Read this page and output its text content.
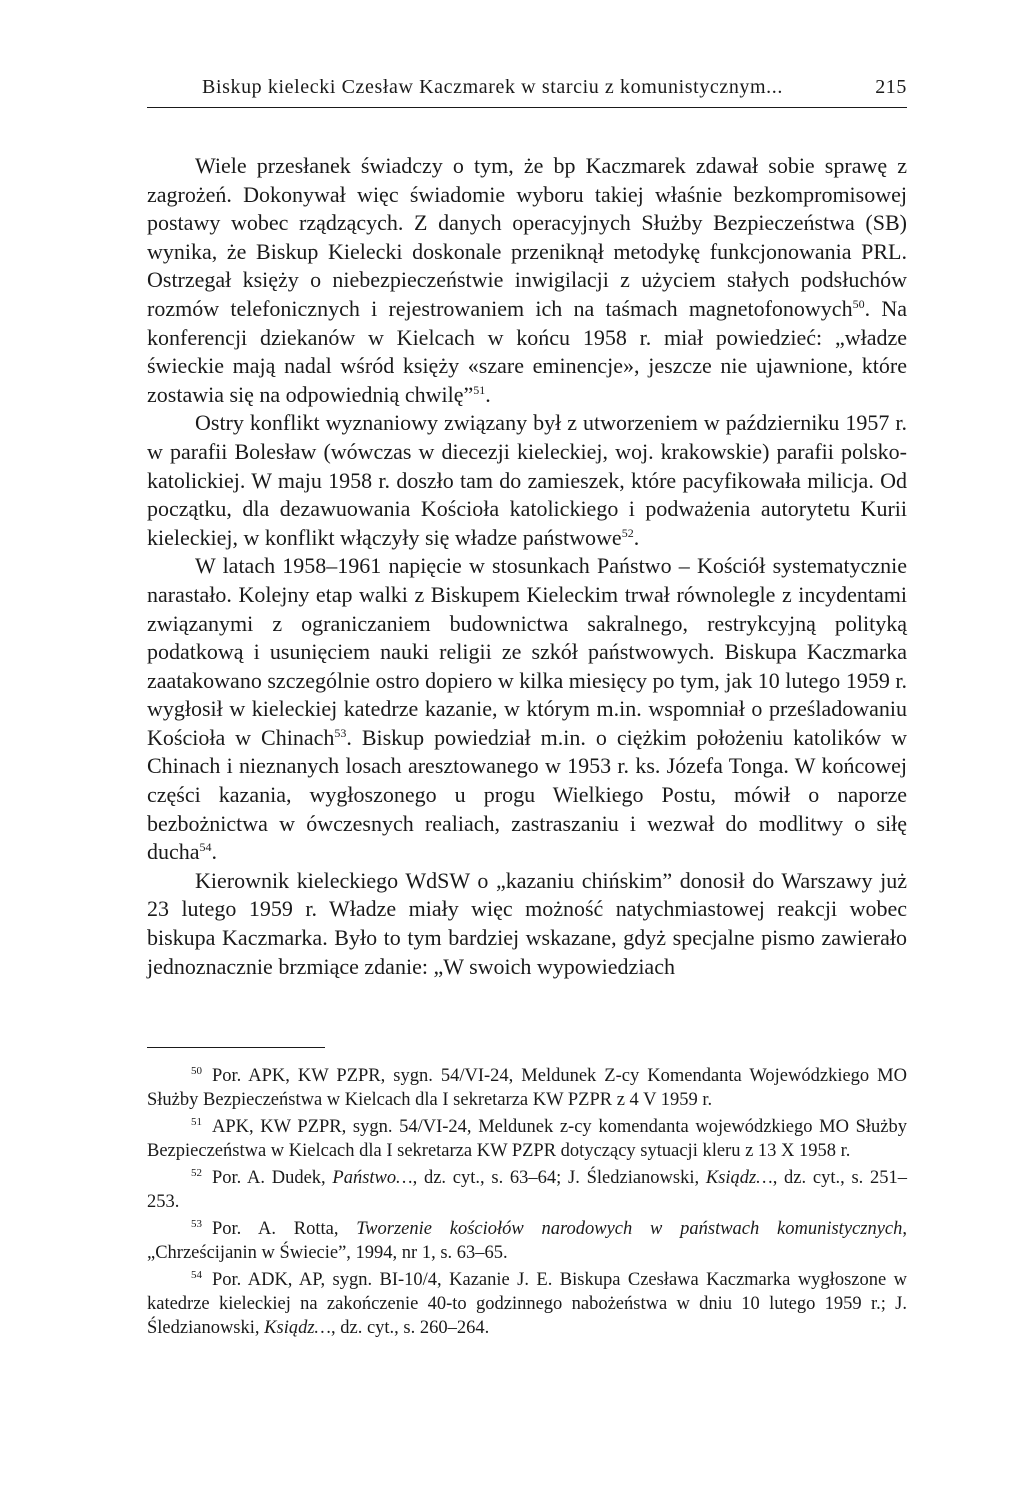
Biskup kielecki Czesław Kaczmarek w starciu z komunistycznym...	215

Wiele przesłanek świadczy o tym, że bp Kaczmarek zdawał sobie sprawę z zagrożeń. Dokonywał więc świadomie wyboru takiej właśnie bezkompromisowej postawy wobec rządzących. Z danych operacyjnych Służby Bezpieczeństwa (SB) wynika, że Biskup Kielecki doskonale przeniknął metodykę funkcjonowania PRL. Ostrzegał księży o niebezpieczeństwie inwigilacji z użyciem stałych podsłuchów rozmów telefonicznych i rejestrowaniem ich na taśmach magnetofonowych$^{50}$. Na konferencji dziekanów w Kielcach w końcu 1958 r. miał powiedzieć: „władze świeckie mają nadal wśród księży «szare eminencje», jeszcze nie ujawnione, które zostawia się na odpowiednią chwilę”$^{51}$.

Ostry konflikt wyznaniowy związany był z utworzeniem w październiku 1957 r. w parafii Bolesław (wówczas w diecezji kieleckiej, woj. krakowskie) parafii polsko-katolickiej. W maju 1958 r. doszło tam do zamieszek, które pacyfikowała milicja. Od początku, dla dezawuowania Kościoła katolickiego i podważenia autorytetu Kurii kieleckiej, w konflikt włączyły się władze państwowe$^{52}$.

W latach 1958–1961 napięcie w stosunkach Państwo – Kościół systematycznie narastało. Kolejny etap walki z Biskupem Kieleckim trwał równolegle z incydentami związanymi z ograniczaniem budownictwa sakralnego, restrykcyjną polityką podatkową i usunięciem nauki religii ze szkół państwowych. Biskupa Kaczmarka zaatakowano szczególnie ostro dopiero w kilka miesięcy po tym, jak 10 lutego 1959 r. wygłosił w kieleckiej katedrze kazanie, w którym m.in. wspomniał o prześladowaniu Kościoła w Chinach$^{53}$. Biskup powiedział m.in. o ciężkim położeniu katolików w Chinach i nieznanych losach aresztowanego w 1953 r. ks. Józefa Tonga. W końcowej części kazania, wygłoszonego u progu Wielkiego Postu, mówił o naporze bezbożnictwa w ówczesnych realiach, zastraszaniu i wezwał do modlitwy o siłę ducha$^{54}$.

Kierownik kieleckiego WdSW o „kazaniu chińskim” donosił do Warszawy już 23 lutego 1959 r. Władze miały więc możność natychmiastowej reakcji wobec biskupa Kaczmarka. Było to tym bardziej wskazane, gdyż specjalne pismo zawierało jednoznacznie brzmiące zdanie: „W swoich wypowiedziach

$^{50}$ Por. APK, KW PZPR, sygn. 54/VI-24, Meldunek Z-cy Komendanta Wojewódzkiego MO Służby Bezpieczeństwa w Kielcach dla I sekretarza KW PZPR z 4 V 1959 r.

$^{51}$ APK, KW PZPR, sygn. 54/VI-24, Meldunek z-cy komendanta wojewódzkiego MO Służby Bezpieczeństwa w Kielcach dla I sekretarza KW PZPR dotyczący sytuacji kleru z 13 X 1958 r.

$^{52}$ Por. A. Dudek, Państwo…, dz. cyt., s. 63–64; J. Śledzianowski, Ksiądz…, dz. cyt., s. 251–253.

$^{53}$ Por. A. Rotta, Tworzenie kościołów narodowych w państwach komunistycznych, „Chrześcijanin w Świecie”, 1994, nr 1, s. 63–65.

$^{54}$ Por. ADK, AP, sygn. BI-10/4, Kazanie J. E. Biskupa Czesława Kaczmarka wygłoszone w katedrze kieleckiej na zakończenie 40-to godzinnego nabożeństwa w dniu 10 lutego 1959 r.; J. Śledzianowski, Ksiądz…, dz. cyt., s. 260–264.
